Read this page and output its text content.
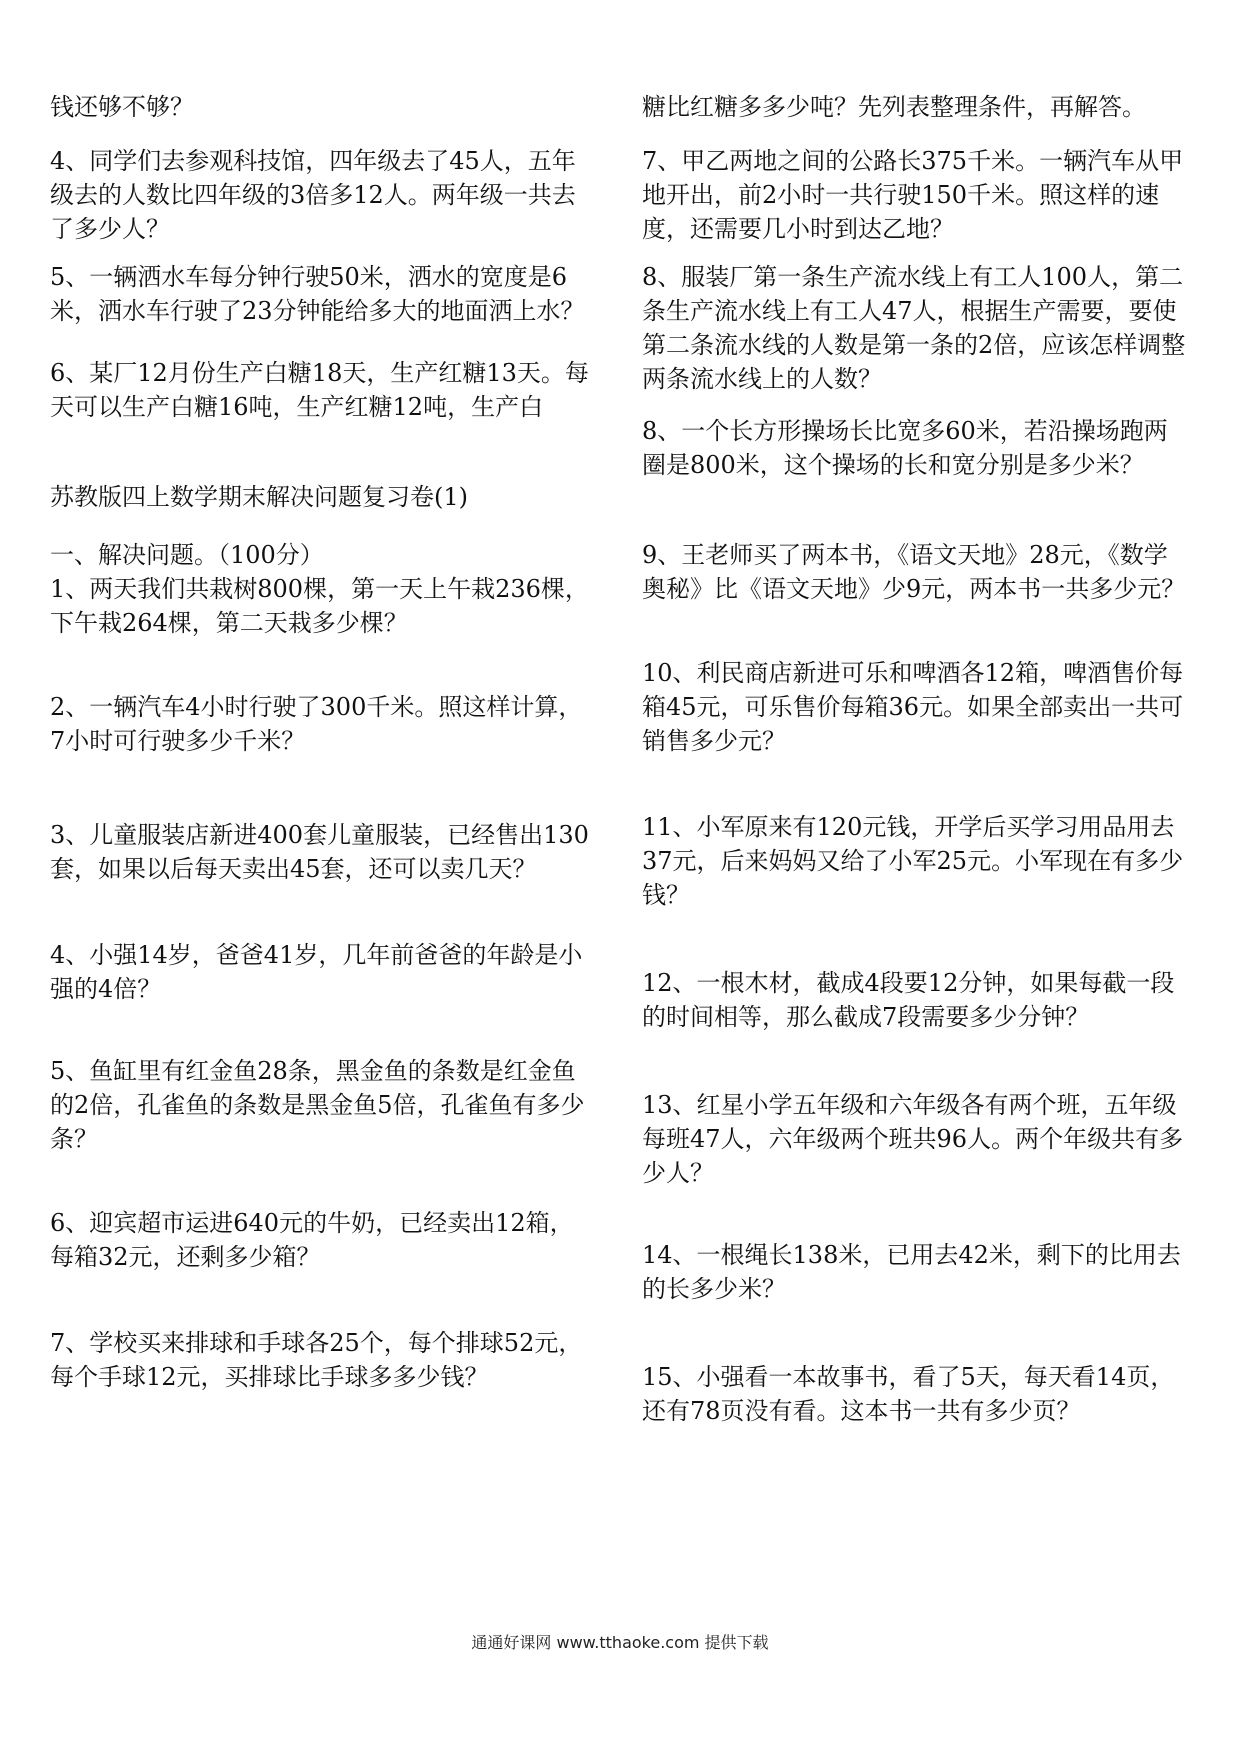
钱还够不够？

4、同学们去参观科技馆，四年级去了45人，五年级去的人数比四年级的3倍多12人。两年级一共去了多少人？

5、一辆洒水车每分钟行驶50米，洒水的宽度是6米，洒水车行驶了23分钟能给多大的地面洒上水？

6、某厂12月份生产白糖18天，生产红糖13天。每天可以生产白糖16吨，生产红糖12吨，生产白

苏教版四上数学期末解决问题复习卷(1)

一、解决问题。（100分）

1、两天我们共栽树800棵，第一天上午栽236棵，下午栽264棵，第二天栽多少棵？

2、一辆汽车4小时行驶了300千米。照这样计算，7小时可行驶多少千米？

3、儿童服装店新进400套儿童服装，已经售出130套，如果以后每天卖出45套，还可以卖几天？

4、小强14岁，爸爸41岁，几年前爸爸的年龄是小强的4倍？

5、鱼缸里有红金鱼28条，黑金鱼的条数是红金鱼的2倍，孔雀鱼的条数是黑金鱼5倍，孔雀鱼有多少条？

6、迎宾超市运进640元的牛奶，已经卖出12箱，每箱32元，还剩多少箱？

7、学校买来排球和手球各25个，每个排球52元，每个手球12元，买排球比手球多多少钱？

糖比红糖多多少吨？先列表整理条件，再解答。

7、甲乙两地之间的公路长375千米。一辆汽车从甲地开出，前2小时一共行驶150千米。照这样的速度，还需要几小时到达乙地？

8、服装厂第一条生产流水线上有工人100人，第二条生产流水线上有工人47人，根据生产需要，要使第二条流水线的人数是第一条的2倍，应该怎样调整两条流水线上的人数？

8、一个长方形操场长比宽多60米，若沿操场跑两圈是800米，这个操场的长和宽分别是多少米？

9、王老师买了两本书，《语文天地》28元，《数学奥秘》比《语文天地》少9元，两本书一共多少元？

10、利民商店新进可乐和啤酒各12箱，啤酒售价每箱45元，可乐售价每箱36元。如果全部卖出一共可销售多少元？

11、小军原来有120元钱，开学后买学习用品用去37元，后来妈妈又给了小军25元。小军现在有多少钱？

12、一根木材，截成4段要12分钟，如果每截一段的时间相等，那么截成7段需要多少分钟？

13、红星小学五年级和六年级各有两个班，五年级每班47人，六年级两个班共96人。两个年级共有多少人？

14、一根绳长138米，已用去42米，剩下的比用去的长多少米？

15、小强看一本故事书，看了5天，每天看14页，还有78页没有看。这本书一共有多少页？

通通好课网 www.tthaoke.com 提供下载
